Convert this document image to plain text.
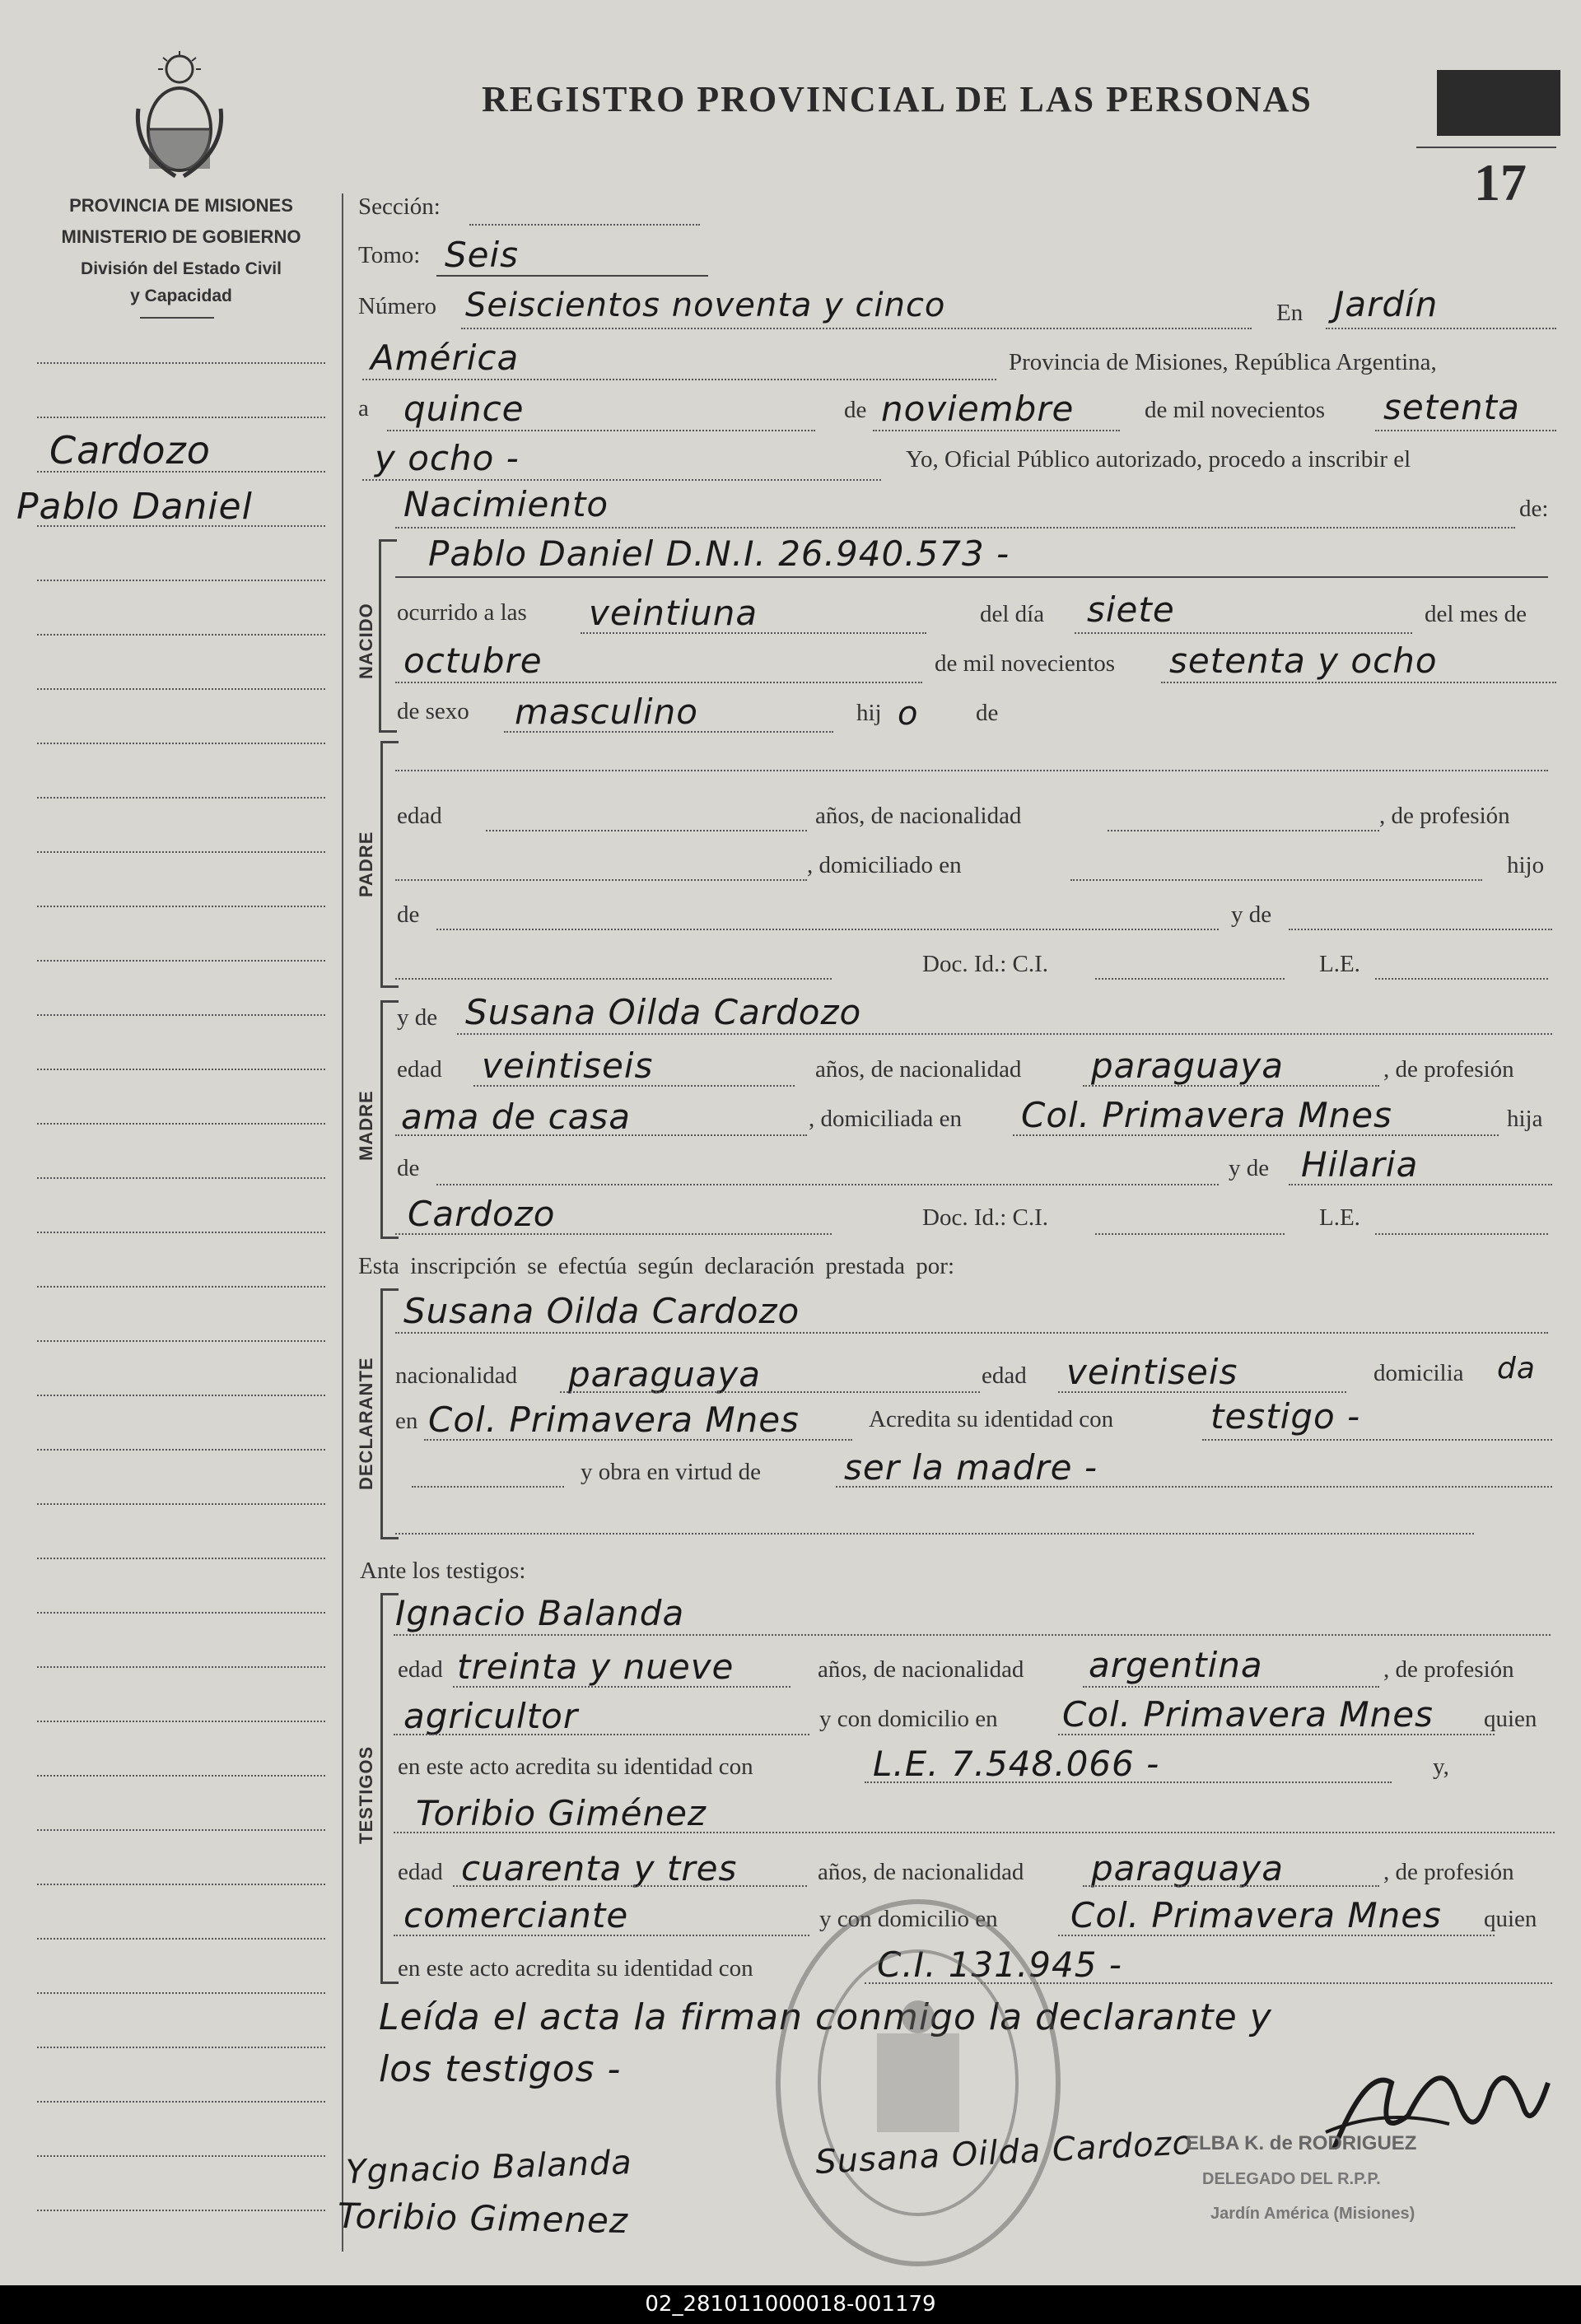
PROVINCIA DE MISIONES
MINISTERIO DE GOBIERNO
División del Estado Civil
y Capacidad
REGISTRO PROVINCIAL DE LAS PERSONAS
17
Cardozo
Pablo Daniel
Sección:
Tomo: Seis
Número Seiscientos noventa y cinco	En Jardín
América	Provincia de Misiones, República Argentina,
a quince	de noviembre	de mil novecientos setenta
y ocho -	Yo, Oficial Público autorizado, procedo a inscribir el
Nacimiento	de:
NACIDO
Pablo Daniel D.N.I. 26.940.573 -
ocurrido a las veintiuna	del día siete	del mes de
octubre	de mil novecientos setenta y ocho
de sexo masculino	hij o de
PADRE
edad	años, de nacionalidad	, de profesión
, domiciliado en	hijo
de	y de
Doc. Id.: C.I.	L.E.
MADRE
y de Susana Oilda Cardozo
edad veintiseis	años, de nacionalidad paraguaya	, de profesión
ama de casa	, domiciliada en Col. Primavera Mnes	hija
de	y de Hilaria
Cardozo	Doc. Id.: C.I.	L.E.
Esta inscripción se efectúa según declaración prestada por:
DECLARANTE
Susana Oilda Cardozo
nacionalidad paraguaya	edad veintiseis	domicilia da
en Col. Primavera Mnes	Acredita su identidad con	testigo -
y obra en virtud de ser la madre -
Ante los testigos:
TESTIGOS
Ignacio Balanda
edad treinta y nueve	años, de nacionalidad argentina	, de profesión
agricultor	y con domicilio en Col. Primavera Mnes quien
en este acto acredita su identidad con	L.E. 7.548.066 -	y,
Toribio Giménez
edad cuarenta y tres	años, de nacionalidad paraguaya	, de profesión
comerciante	y con domicilio en Col. Primavera Mnes quien
en este acto acredita su identidad con	C.I. 131.945 -
Leída el acta la firman conmigo la declarante y
los testigos -
Ygnacio Balanda	Susana Oilda Cardozo
Toribio Gimenez
ELBA K. de RODRIGUEZ
DELEGADO DEL R.P.P.
Jardín América (Misiones)
02_281011000018-001179
